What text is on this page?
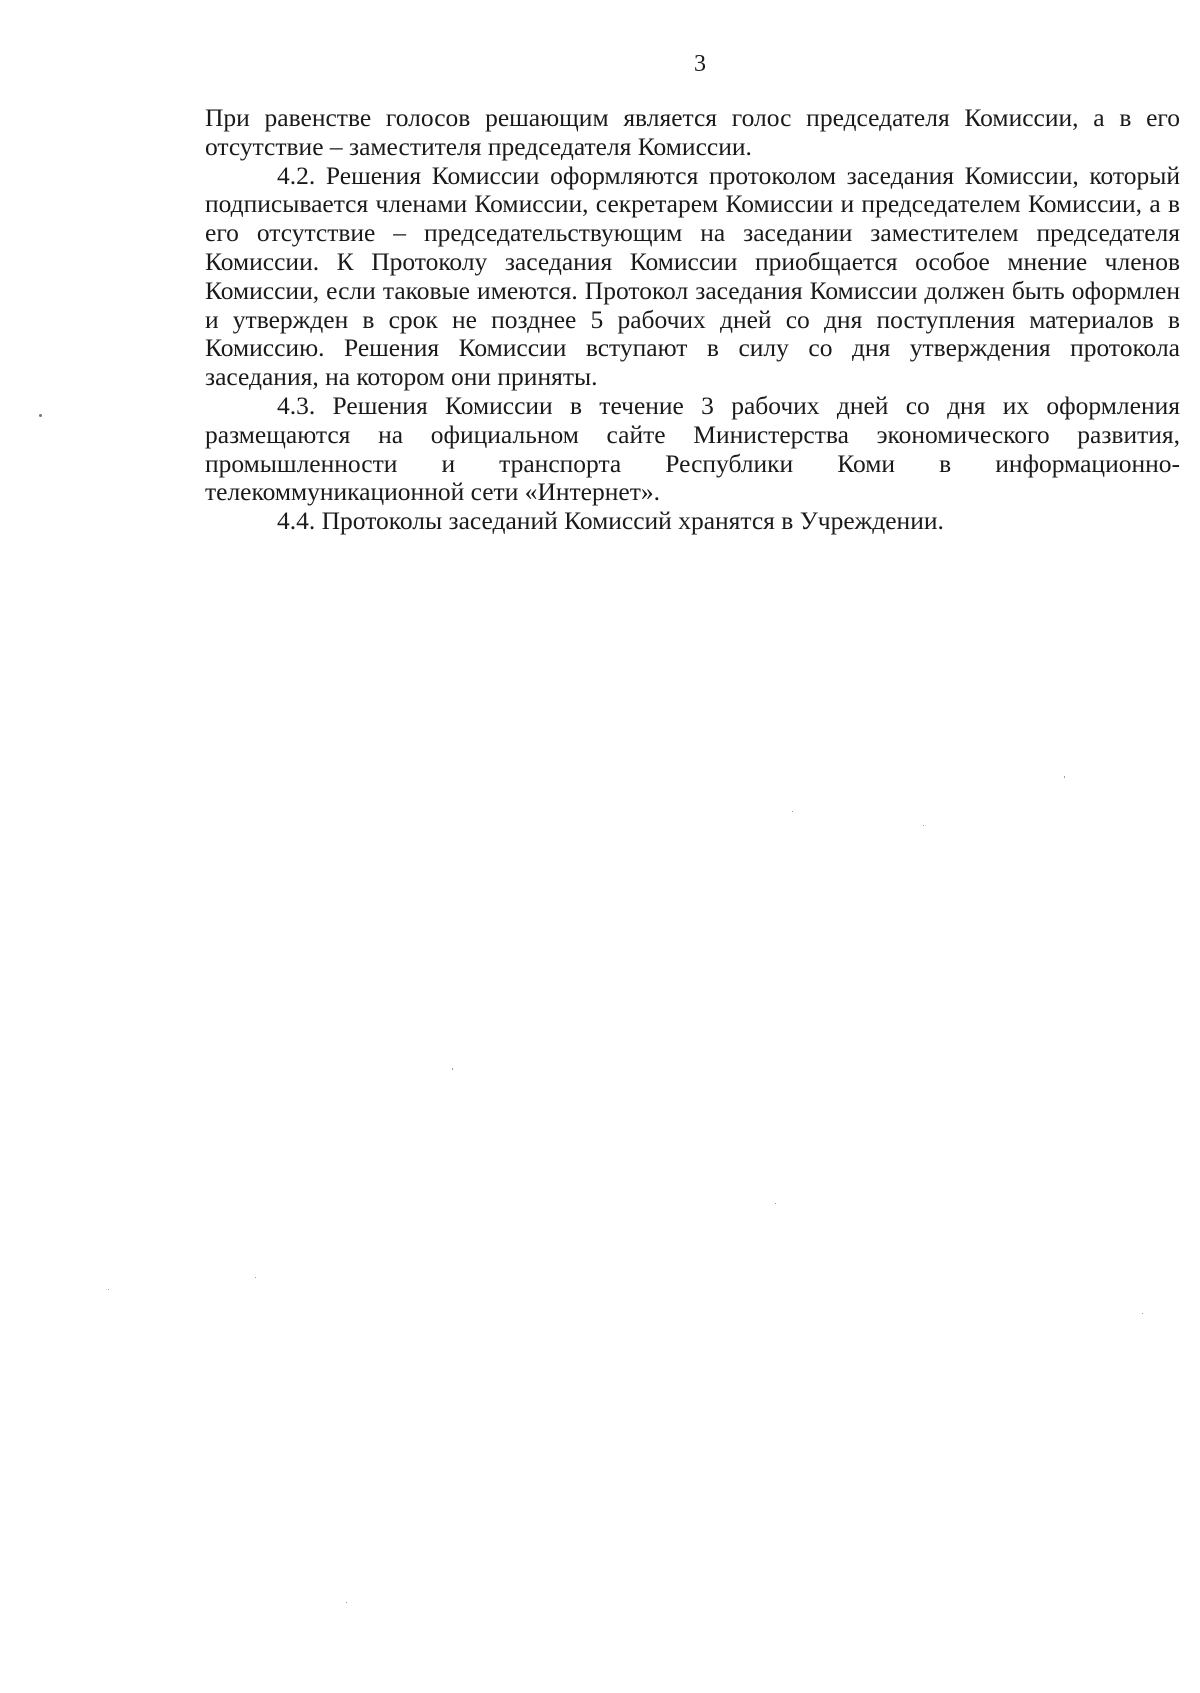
3

При равенстве голосов решающим является голос председателя Комиссии, а в его отсутствие – заместителя председателя Комиссии.

4.2. Решения Комиссии оформляются протоколом заседания Комиссии, который подписывается членами Комиссии, секретарем Комиссии и председателем Комиссии, а в его отсутствие – председательствующим на заседании заместителем председателя Комиссии. К Протоколу заседания Комиссии приобщается особое мнение членов Комиссии, если таковые имеются. Протокол заседания Комиссии должен быть оформлен и утвержден в срок не позднее 5 рабочих дней со дня поступления материалов в Комиссию. Решения Комиссии вступают в силу со дня утверждения протокола заседания, на котором они приняты.

4.3. Решения Комиссии в течение 3 рабочих дней со дня их оформления размещаются на официальном сайте Министерства экономического развития, промышленности и транспорта Республики Коми в информационно-телекоммуникационной сети «Интернет».

4.4. Протоколы заседаний Комиссий хранятся в Учреждении.
